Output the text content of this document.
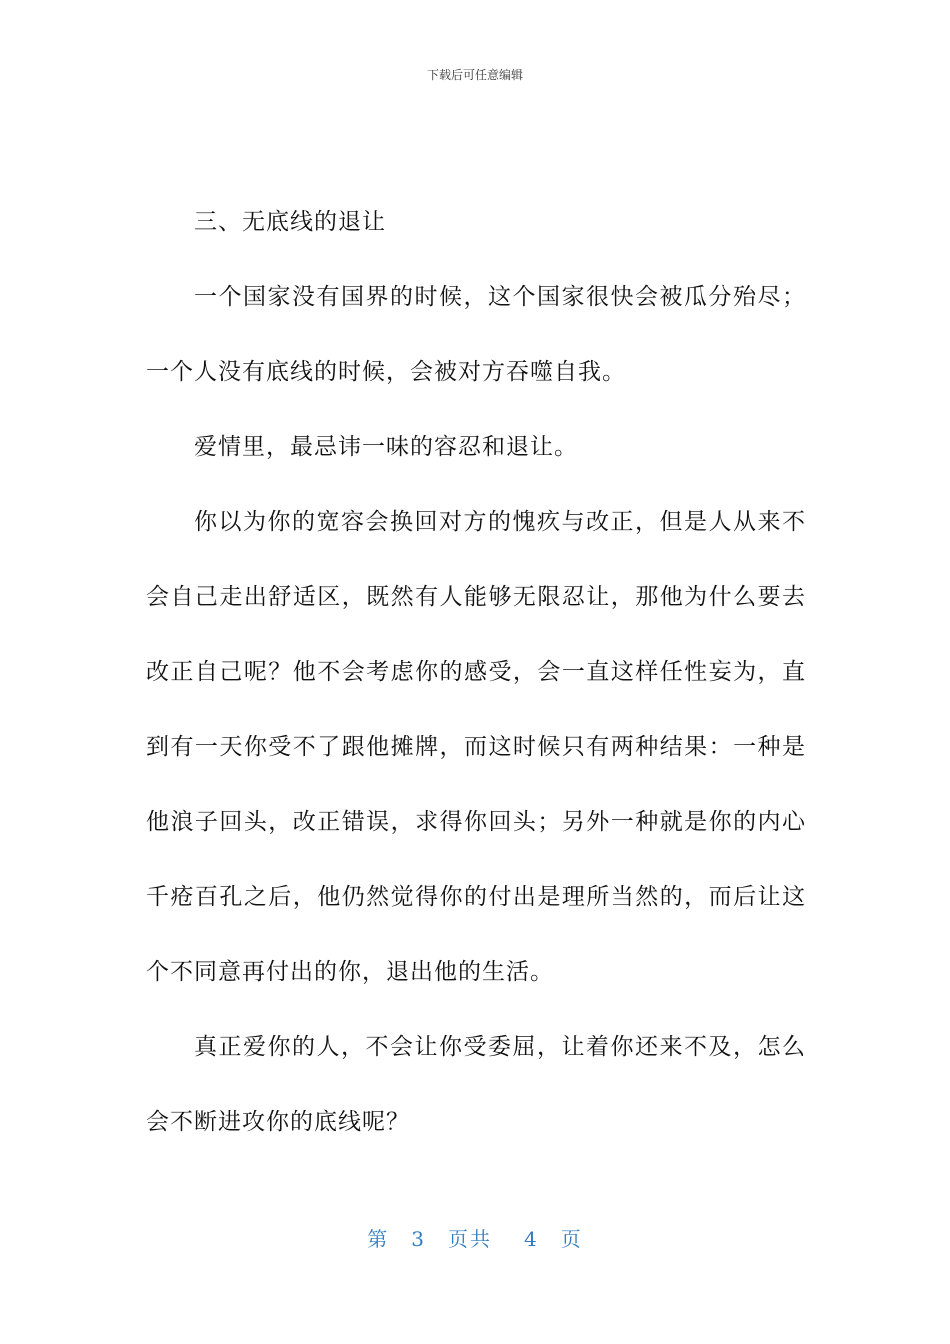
下载后可任意编辑

三、无底线的退让

一个国家没有国界的时候，这个国家很快会被瓜分殆尽；一个人没有底线的时候，会被对方吞噬自我。

爱情里，最忌讳一味的容忍和退让。

你以为你的宽容会换回对方的愧疚与改正，但是人从来不会自己走出舒适区，既然有人能够无限忍让，那他为什么要去改正自己呢？他不会考虑你的感受，会一直这样任性妄为，直到有一天你受不了跟他摊牌，而这时候只有两种结果：一种是他浪子回头，改正错误，求得你回头；另外一种就是你的内心千疮百孔之后，他仍然觉得你的付出是理所当然的，而后让这个不同意再付出的你，退出他的生活。

真正爱你的人，不会让你受委屈，让着你还来不及，怎么会不断进攻你的底线呢？

第 3 页共 4 页
